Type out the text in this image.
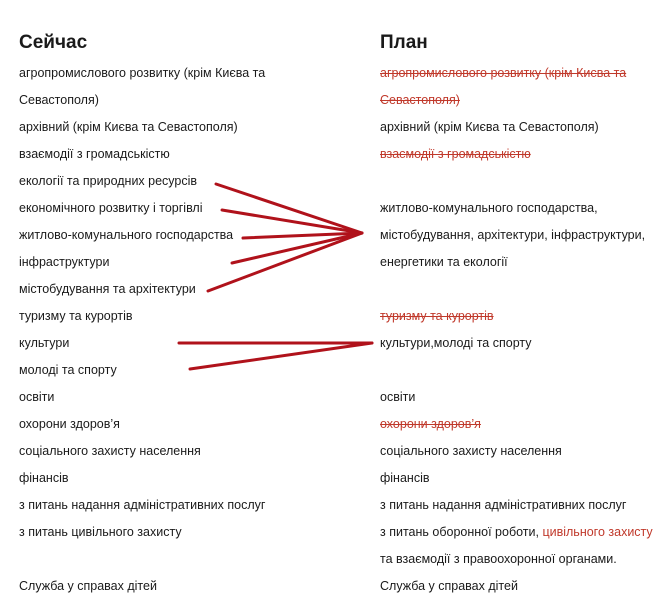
Сейчас	План
агропромислового розвитку (крім Києва та
Севастополя)
архівний (крім Києва та Севастополя)
взаємодії з громадськістю
екології та природних ресурсів
економічного розвитку і торгівлі
житлово-комунального господарства
інфраструктури
містобудування та архітектури
туризму та курортів
культури
молоді та спорту
освіти
охорони здоров’я
соціального захисту населення
фінансів
з питань надання адміністративних послуг
з питань цивільного захисту
Служба у справах дітей
агропромислового розвитку (крім Києва та
Севастополя)
архівний (крім Києва та Севастополя)
взаємодії з громадськістю
житлово-комунального господарства,
містобудування, архітектури, інфраструктури,
енергетики та екології
туризму та курортів
культури,молоді та спорту
освіти
охорони здоров’я
соціального захисту населення
фінансів
з питань надання адміністративних послуг
з питань оборонної роботи, цивільного захисту
та взаємодії з правоохоронної органами.
Служба у справах дітей
